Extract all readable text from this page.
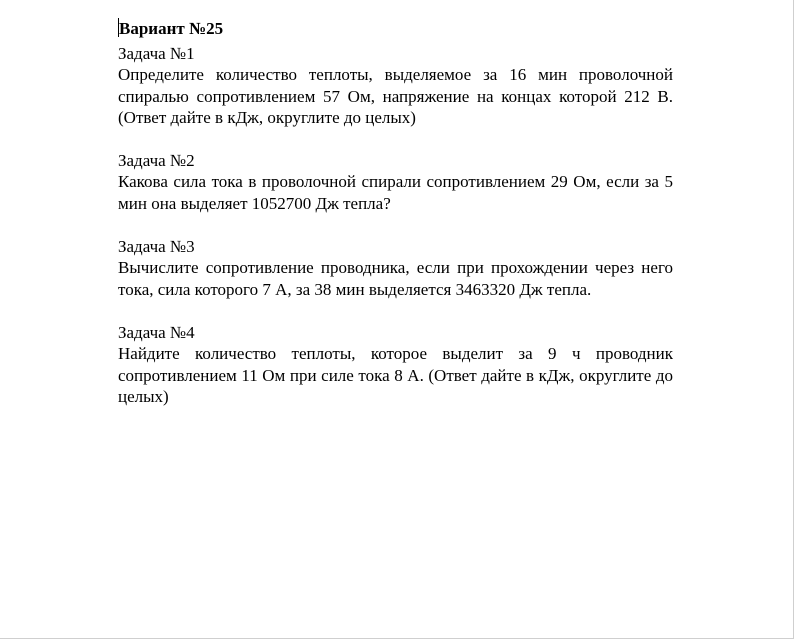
Вариант №25

Задача №1

Определите количество теплоты, выделяемое за 16 мин проволочной спиралью сопротивлением 57 Ом, напряжение на концах которой 212 В. (Ответ дайте в кДж, округлите до целых)

Задача №2

Какова сила тока в проволочной спирали сопротивлением 29 Ом, если за 5 мин она выделяет 1052700 Дж тепла?

Задача №3

Вычислите сопротивление проводника, если при прохождении через него тока, сила которого 7 А, за 38 мин выделяется 3463320 Дж тепла.

Задача №4

Найдите количество теплоты, которое выделит за 9 ч проводник сопротивлением 11 Ом при силе тока 8 А. (Ответ дайте в кДж, округлите до целых)
